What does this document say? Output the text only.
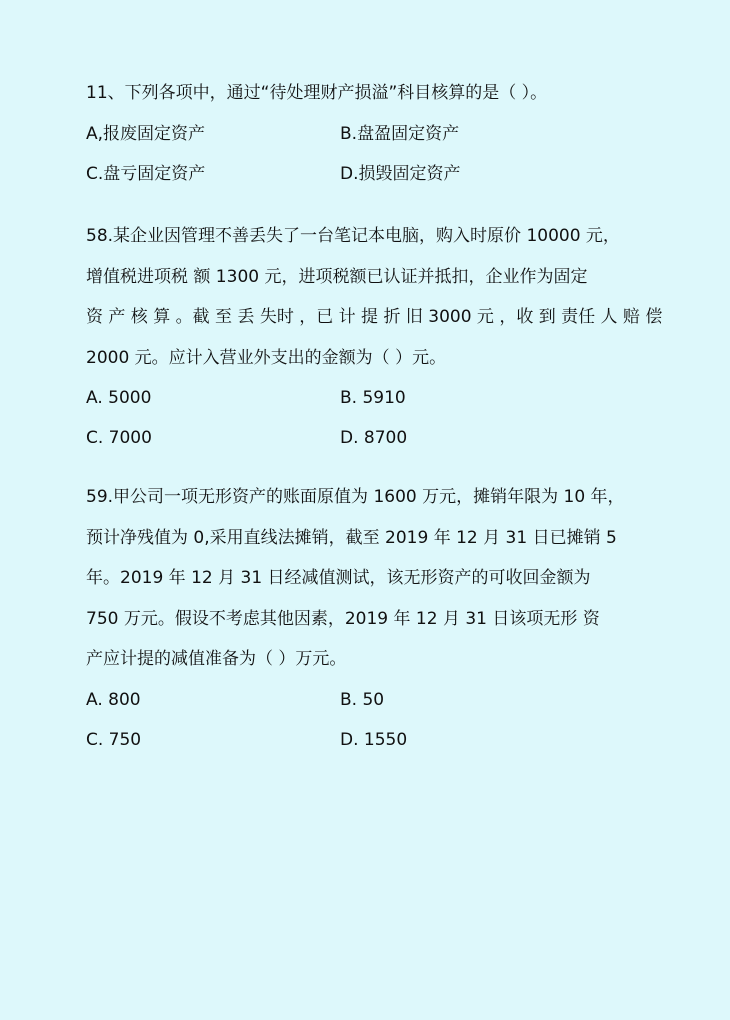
11、下列各项中，通过“待处理财产损溢”科目核算的是（ ）。
A,报废固定资产	B.盘盈固定资产
C.盘亏固定资产	D.损毁固定资产
58.某企业因管理不善丢失了一台笔记本电脑，购入时原价 10000 元，
增值税进项税 额 1300 元，进项税额已认证并抵扣，企业作为固定
资 产 核 算 。截 至 丢 失时 ，已 计 提 折 旧 3000 元 ，收 到 责任 人 赔 偿
2000 元。应计入营业外支出的金额为（ ）元。
A. 5000	B. 5910
C. 7000	D. 8700
59.甲公司一项无形资产的账面原值为 1600 万元，摊销年限为 10 年，
预计净残值为 0,采用直线法摊销，截至 2019 年 12 月 31 日已摊销 5
年。2019 年 12 月 31 日经减值测试，该无形资产的可收回金额为
750 万元。假设不考虑其他因素，2019 年 12 月 31 日该项无形 资
产应计提的减值准备为（ ）万元。
A. 800	B. 50
C. 750	D. 1550
